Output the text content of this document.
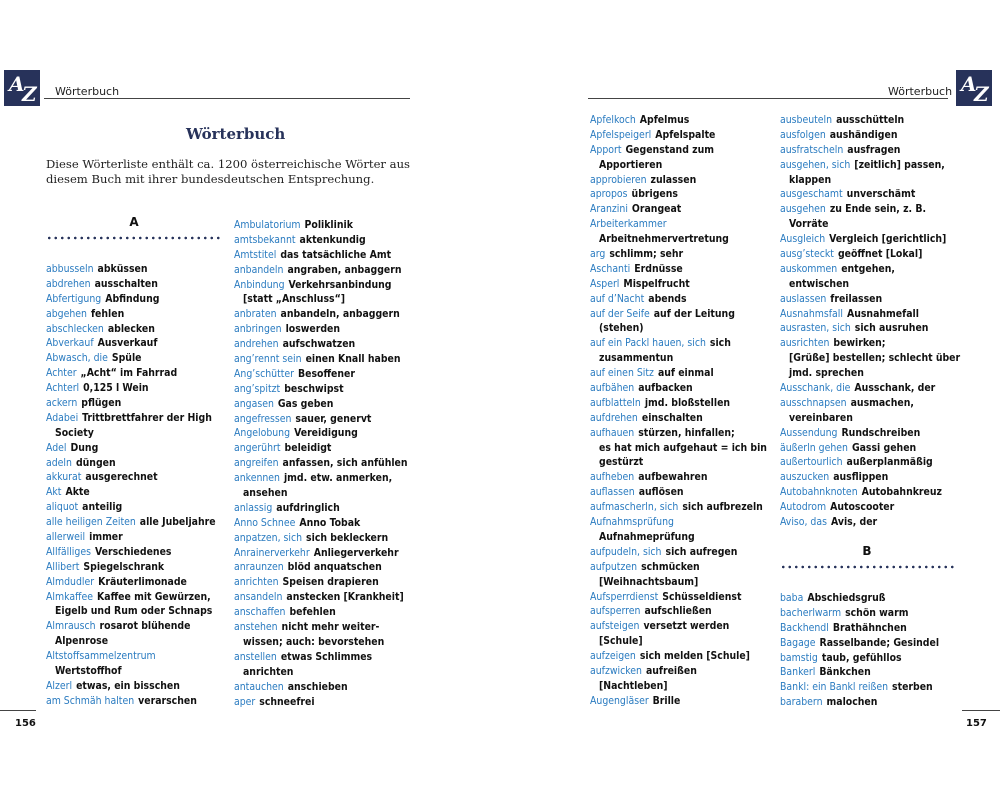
A
Z Wörterbuch
Wörterbuch
Diese Wörterliste enthält ca. 1200 österreichische Wörter aus diesem Buch mit ihrer bundesdeutschen Entsprechung.
A
abbusseln abküssen
abdrehen ausschalten
Abfertigung Abfindung
abgehen fehlen
abschlecken ablecken
Abverkauf Ausverkauf
Abwasch, die Spüle
Achter „Acht“ im Fahrrad
Achterl 0,125 l Wein
ackern pflügen
Adabei Trittbrettfahrer der High
Society
Adel Dung
adeln düngen
akkurat ausgerechnet
Akt Akte
aliquot anteilig
alle heiligen Zeiten alle Jubeljahre
allerweil immer
Allfälliges Verschiedenes
Allibert Spiegelschrank
Almdudler Kräuterlimonade
Almkaffee Kaffee mit Gewürzen,
Eigelb und Rum oder Schnaps
Almrausch rosarot blühende
Alpenrose
Altstoffsammelzentrum
Wertstoffhof
Alzerl etwas, ein bisschen
am Schmäh halten verarschen
Ambulatorium Poliklinik
amtsbekannt aktenkundig
Amtstitel das tatsächliche Amt
anbandeln angraben, anbaggern
Anbindung Verkehrsanbindung
[statt „Anschluss“]
anbraten anbandeln, anbaggern
anbringen loswerden
andrehen aufschwatzen
ang’rennt sein einen Knall haben
Ang’schütter Besoffener
ang’spitzt beschwipst
angasen Gas geben
angefressen sauer, genervt
Angelobung Vereidigung
angerührt beleidigt
angreifen anfassen, sich anfühlen
ankennen jmd. etw. anmerken,
ansehen
anlassig aufdringlich
Anno Schnee Anno Tobak
anpatzen, sich sich bekleckern
Anrainerverkehr Anliegerverkehr
anraunzen blöd anquatschen
anrichten Speisen drapieren
ansandeln anstecken [Krankheit]
anschaffen befehlen
anstehen nicht mehr weiter-
wissen; auch: bevorstehen
anstellen etwas Schlimmes
anrichten
antauchen anschieben
aper schneefrei
156
Wörterbuch A
Z
Apfelkoch Apfelmus
Apfelspeigerl Apfelspalte
Apport Gegenstand zum
Apportieren
approbieren zulassen
apropos übrigens
Aranzini Orangeat
Arbeiterkammer
Arbeitnehmervertretung
arg schlimm; sehr
Aschanti Erdnüsse
Asperl Mispelfrucht
auf d’Nacht abends
auf der Seife auf der Leitung
(stehen)
auf ein Packl hauen, sich sich
zusammentun
auf einen Sitz auf einmal
aufbähen aufbacken
aufblatteln jmd. bloßstellen
aufdrehen einschalten
aufhauen stürzen, hinfallen;
es hat mich aufgehaut = ich bin
gestürzt
aufheben aufbewahren
auflassen auflösen
aufmascherln, sich sich aufbrezeln
Aufnahmsprüfung
Aufnahmeprüfung
aufpudeln, sich sich aufregen
aufputzen schmücken
[Weihnachtsbaum]
Aufsperrdienst Schüsseldienst
aufsperren aufschließen
aufsteigen versetzt werden
[Schule]
aufzeigen sich melden [Schule]
aufzwicken aufreißen
[Nachtleben]
Augengläser Brille
ausbeuteln ausschütteln
ausfolgen aushändigen
ausfratscheln ausfragen
ausgehen, sich [zeitlich] passen,
klappen
ausgeschamt unverschämt
ausgehen zu Ende sein, z. B.
Vorräte
Ausgleich Vergleich [gerichtlich]
ausg’steckt geöffnet [Lokal]
auskommen entgehen,
entwischen
auslassen freilassen
Ausnahmsfall Ausnahmefall
ausrasten, sich sich ausruhen
ausrichten bewirken;
[Grüße] bestellen; schlecht über
jmd. sprechen
Ausschank, die Ausschank, der
ausschnapsen ausmachen,
vereinbaren
Aussendung Rundschreiben
äußerln gehen Gassi gehen
außertourlich außerplanmäßig
auszucken ausflippen
Autobahnknoten Autobahnkreuz
Autodrom Autoscooter
Aviso, das Avis, der
B
baba Abschiedsgruß
bacherlwarm schön warm
Backhendl Brathähnchen
Bagage Rasselbande; Gesindel
bamstig taub, gefühllos
Bankerl Bänkchen
Bankl: ein Bankl reißen sterben
barabern malochen
157
